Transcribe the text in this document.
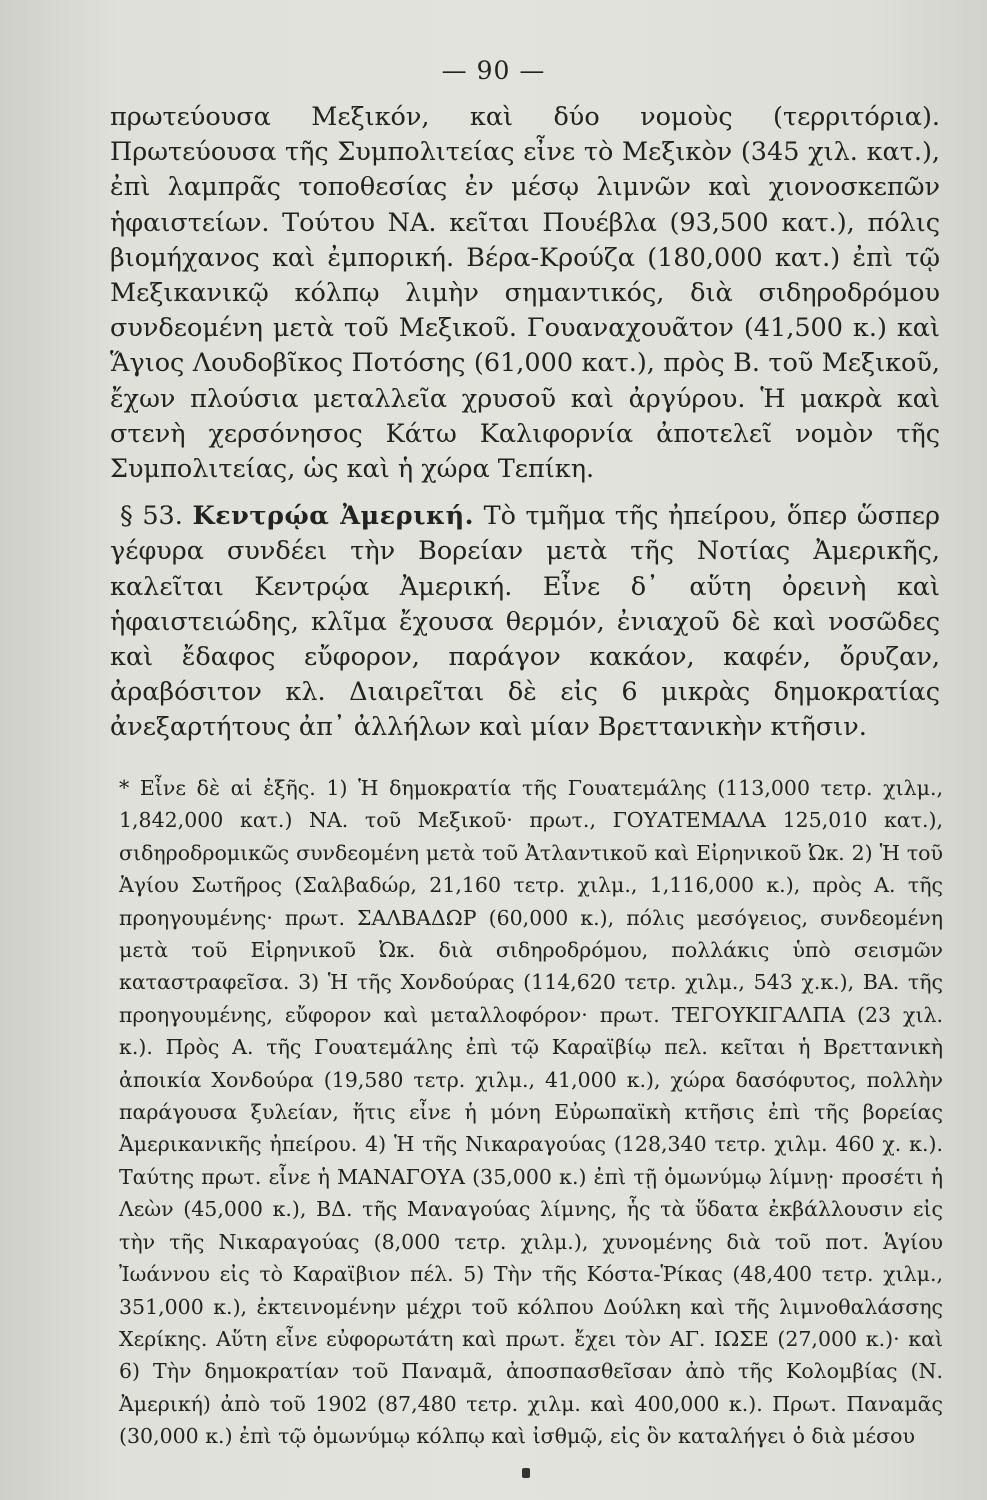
— 90 —

πρωτεύουσα Μεξικόν, καὶ δύο νομοὺς (τερριτόρια). Πρωτεύουσα τῆς Συμπολιτείας εἶνε τὸ Μεξικὸν (345 χιλ. κατ.), ἐπὶ λαμπρᾶς τοποθεσίας ἐν μέσῳ λιμνῶν καὶ χιονοσκεπῶν ἡφαιστείων. Τούτου ΝΑ. κεῖται Πουέβλα (93,500 κατ.), πόλις βιομήχανος καὶ ἐμπορική. Βέρα-Κρούζα (180,000 κατ.) ἐπὶ τῷ Μεξικανικῷ κόλπῳ λιμὴν σημαντικός, διὰ σιδηροδρόμου συνδεομένη μετὰ τοῦ Μεξικοῦ. Γουαναχουᾶτον (41,500 κ.) καὶ Ἅγιος Λουδοβῖκος Ποτόσης (61,000 κατ.), πρὸς Β. τοῦ Μεξικοῦ, ἔχων πλούσια μεταλλεῖα χρυσοῦ καὶ ἀργύρου. Ἡ μακρὰ καὶ στενὴ χερσόνησος Κάτω Καλιφορνία ἀποτελεῖ νομὸν τῆς Συμπολιτείας, ὡς καὶ ἡ χώρα Τεπίκη.

§ 53. Κεντρῴα Ἀμερική. Τὸ τμῆμα τῆς ἠπείρου, ὅπερ ὥσπερ γέφυρα συνδέει τὴν Βορείαν μετὰ τῆς Νοτίας Ἀμερικῆς, καλεῖται Κεντρῴα Ἀμερική. Εἶνε δ᾽ αὕτη ὀρεινὴ καὶ ἡφαιστειώδης, κλῖμα ἔχουσα θερμόν, ἐνιαχοῦ δὲ καὶ νοσῶδες καὶ ἔδαφος εὔφορον, παράγον κακάον, καφέν, ὄρυζαν, ἀραβόσιτον κλ. Διαιρεῖται δὲ εἰς 6 μικρὰς δημοκρατίας ἀνεξαρτήτους ἀπ᾽ ἀλλήλων καὶ μίαν Βρεττανικὴν κτῆσιν.

* Εἶνε δὲ αἱ ἑξῆς. 1) Ἡ δημοκρατία τῆς Γουατεμάλης (113,000 τετρ. χιλμ., 1,842,000 κατ.) ΝΑ. τοῦ Μεξικοῦ· πρωτ., ΓΟΥΑΤΕΜΑΛΑ 125,010 κατ.), σιδηροδρομικῶς συνδεομένη μετὰ τοῦ Ἀτλαντικοῦ καὶ Εἰρηνικοῦ Ὠκ. 2) Ἡ τοῦ Ἁγίου Σωτῆρος (Σαλβαδώρ, 21,160 τετρ. χιλμ., 1,116,000 κ.), πρὸς Α. τῆς προηγουμένης· πρωτ. ΣΑΛΒΑΔΩΡ (60,000 κ.), πόλις μεσόγειος, συνδεομένη μετὰ τοῦ Εἰρηνικοῦ Ὠκ. διὰ σιδηροδρόμου, πολλάκις ὑπὸ σεισμῶν καταστραφεῖσα. 3) Ἡ τῆς Χονδούρας (114,620 τετρ. χιλμ., 543 χ.κ.), ΒΑ. τῆς προηγουμένης, εὔφορον καὶ μεταλλοφόρον· πρωτ. ΤΕΓΟΥΚΙΓΑΛΠΑ (23 χιλ. κ.). Πρὸς Α. τῆς Γουατεμάλης ἐπὶ τῷ Καραϊβίῳ πελ. κεῖται ἡ Βρεττανικὴ ἀποικία Χονδούρα (19,580 τετρ. χιλμ., 41,000 κ.), χώρα δασόφυτος, πολλὴν παράγουσα ξυλείαν, ἥτις εἶνε ἡ μόνη Εὐρωπαϊκὴ κτῆσις ἐπὶ τῆς βορείας Ἀμερικανικῆς ἠπείρου. 4) Ἡ τῆς Νικαραγούας (128,340 τετρ. χιλμ. 460 χ. κ.). Ταύτης πρωτ. εἶνε ἡ ΜΑΝΑΓΟΥΑ (35,000 κ.) ἐπὶ τῇ ὁμωνύμῳ λίμνῃ· προσέτι ἡ Λεὼν (45,000 κ.), ΒΔ. τῆς Μαναγούας λίμνης, ἧς τὰ ὕδατα ἐκβάλλουσιν εἰς τὴν τῆς Νικαραγούας (8,000 τετρ. χιλμ.), χυνομένης διὰ τοῦ ποτ. Ἁγίου Ἰωάννου εἰς τὸ Καραϊβιον πέλ. 5) Τὴν τῆς Κόστα-Ῥίκας (48,400 τετρ. χιλμ., 351,000 κ.), ἐκτεινομένην μέχρι τοῦ κόλπου Δούλκη καὶ τῆς λιμνοθαλάσσης Χερίκης. Αὕτη εἶνε εὐφορωτάτη καὶ πρωτ. ἔχει τὸν ΑΓ. ΙΩΣΕ (27,000 κ.)· καὶ 6) Τὴν δημοκρατίαν τοῦ Παναμᾶ, ἀποσπασθεῖσαν ἀπὸ τῆς Κολομβίας (Ν. Ἀμερική) ἀπὸ τοῦ 1902 (87,480 τετρ. χιλμ. καὶ 400,000 κ.). Πρωτ. Παναμᾶς (30,000 κ.) ἐπὶ τῷ ὁμωνύμῳ κόλπῳ καὶ ἰσθμῷ, εἰς ὃν καταλήγει ὁ διὰ μέσου
